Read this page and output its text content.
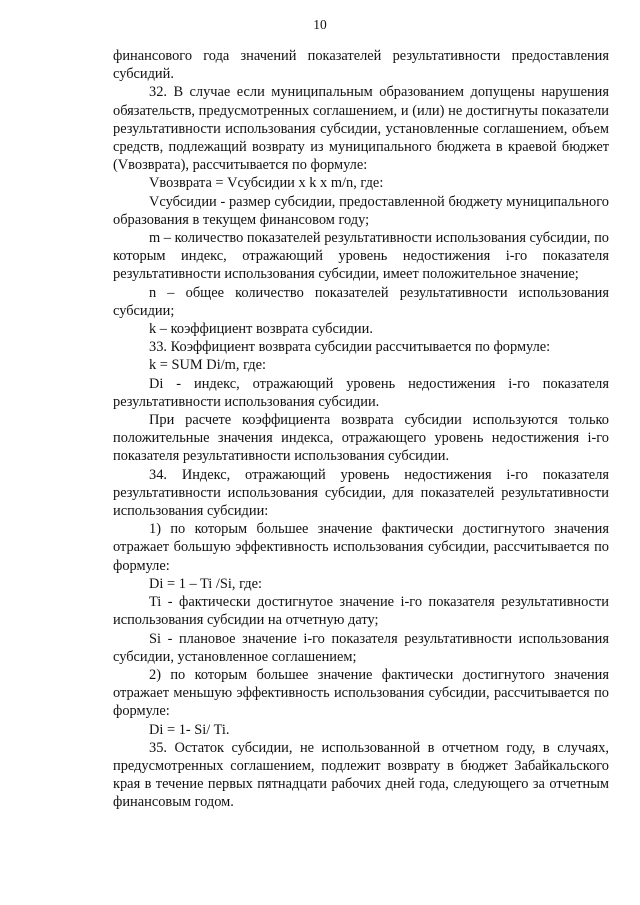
10

финансового года значений показателей результативности предоставления субсидий.

32. В случае если муниципальным образованием допущены нарушения обязательств, предусмотренных соглашением, и (или) не достигнуты показатели результативности использования субсидии, установленные соглашением, объем средств, подлежащий возврату из муниципального бюджета в краевой бюджет (Vвозврата), рассчитывается по формуле:

Vвозврата = Vсубсидии х k х m/n, где:

Vсубсидии - размер субсидии, предоставленной бюджету муниципального образования в текущем финансовом году;

m – количество показателей результативности использования субсидии, по которым индекс, отражающий уровень недостижения i-го показателя результативности использования субсидии, имеет положительное значение;

n – общее количество показателей результативности использования субсидии;

k – коэффициент возврата субсидии.

33. Коэффициент возврата субсидии рассчитывается по формуле:

k = SUM Di/m, где:

Di - индекс, отражающий уровень недостижения i-го показателя результативности использования субсидии.

При расчете коэффициента возврата субсидии используются только положительные значения индекса, отражающего уровень недостижения i-го показателя результативности использования субсидии.

34. Индекс, отражающий уровень недостижения i-го показателя результативности использования субсидии, для показателей результативности использования субсидии:

1) по которым большее значение фактически достигнутого значения отражает большую эффективность использования субсидии, рассчитывается по формуле:

Di = 1 – Ti /Si, где:

Ti - фактически достигнутое значение i-го показателя результативности использования субсидии на отчетную дату;

Si - плановое значение i-го показателя результативности использования субсидии, установленное соглашением;

2) по которым большее значение фактически достигнутого значения отражает меньшую эффективность использования субсидии, рассчитывается по формуле:

Di = 1- Si/ Ti.

35. Остаток субсидии, не использованной в отчетном году, в случаях, предусмотренных соглашением, подлежит возврату в бюджет Забайкальского края в течение первых пятнадцати рабочих дней года, следующего за отчетным финансовым годом.
